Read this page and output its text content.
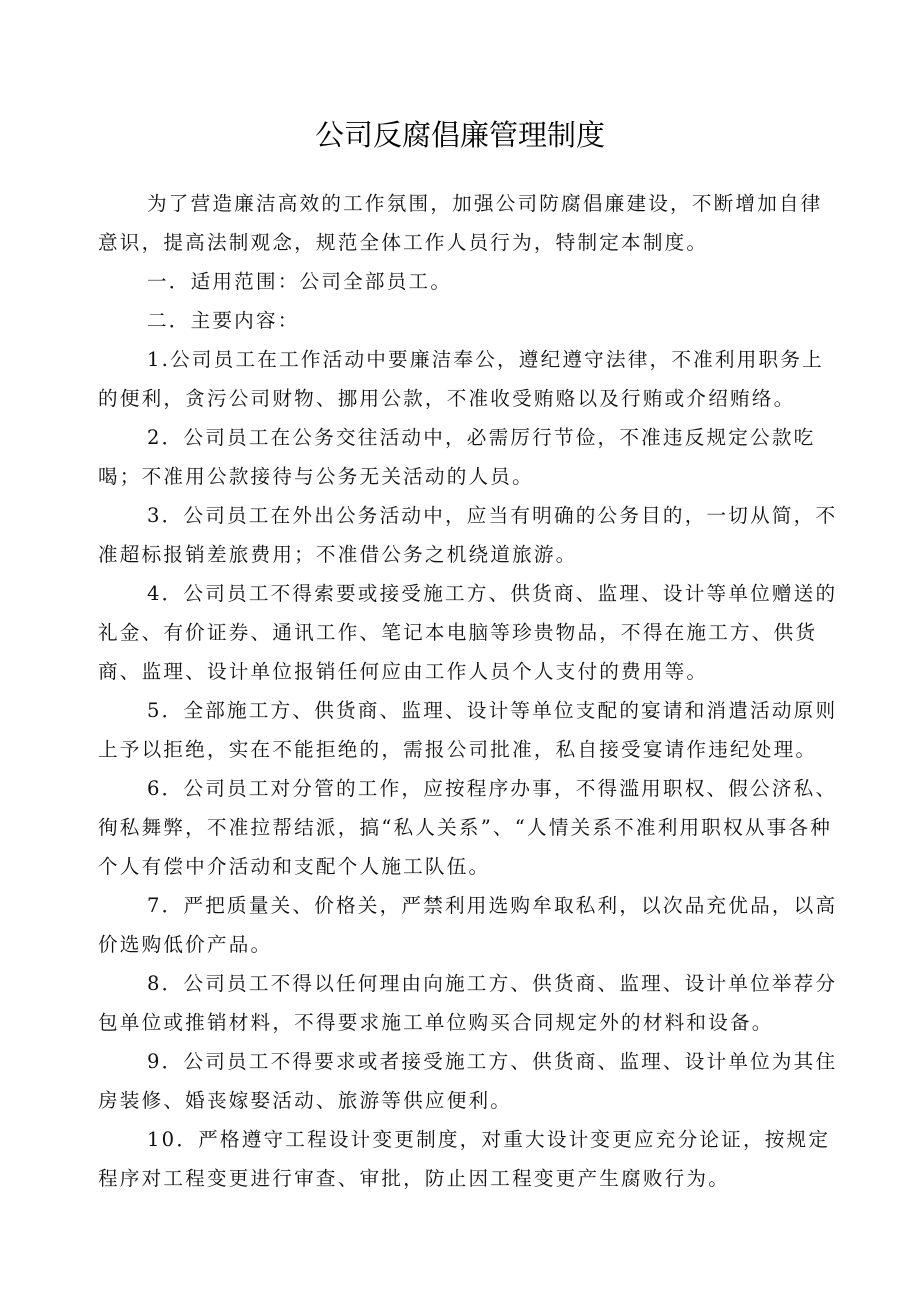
公司反腐倡廉管理制度

为了营造廉洁高效的工作氛围，加强公司防腐倡廉建设，不断增加自律意识，提高法制观念，规范全体工作人员行为，特制定本制度。

一．适用范围：公司全部员工。

二．主要内容：

1.公司员工在工作活动中要廉洁奉公，遵纪遵守法律，不准利用职务上的便利，贪污公司财物、挪用公款，不准收受贿赂以及行贿或介绍贿络。

2．公司员工在公务交往活动中，必需厉行节俭，不准违反规定公款吃喝；不准用公款接待与公务无关活动的人员。

3．公司员工在外出公务活动中，应当有明确的公务目的，一切从简，不准超标报销差旅费用；不准借公务之机绕道旅游。

4．公司员工不得索要或接受施工方、供货商、监理、设计等单位赠送的礼金、有价证券、通讯工作、笔记本电脑等珍贵物品，不得在施工方、供货商、监理、设计单位报销任何应由工作人员个人支付的费用等。

5．全部施工方、供货商、监理、设计等单位支配的宴请和消遣活动原则上予以拒绝，实在不能拒绝的，需报公司批准，私自接受宴请作违纪处理。

6．公司员工对分管的工作，应按程序办事，不得滥用职权、假公济私、徇私舞弊，不准拉帮结派，搞“私人关系”、“人情关系不准利用职权从事各种个人有偿中介活动和支配个人施工队伍。

7．严把质量关、价格关，严禁利用选购牟取私利，以次品充优品，以高价选购低价产品。

8．公司员工不得以任何理由向施工方、供货商、监理、设计单位举荐分包单位或推销材料，不得要求施工单位购买合同规定外的材料和设备。

9．公司员工不得要求或者接受施工方、供货商、监理、设计单位为其住房装修、婚丧嫁娶活动、旅游等供应便利。

10．严格遵守工程设计变更制度，对重大设计变更应充分论证，按规定程序对工程变更进行审查、审批，防止因工程变更产生腐败行为。
